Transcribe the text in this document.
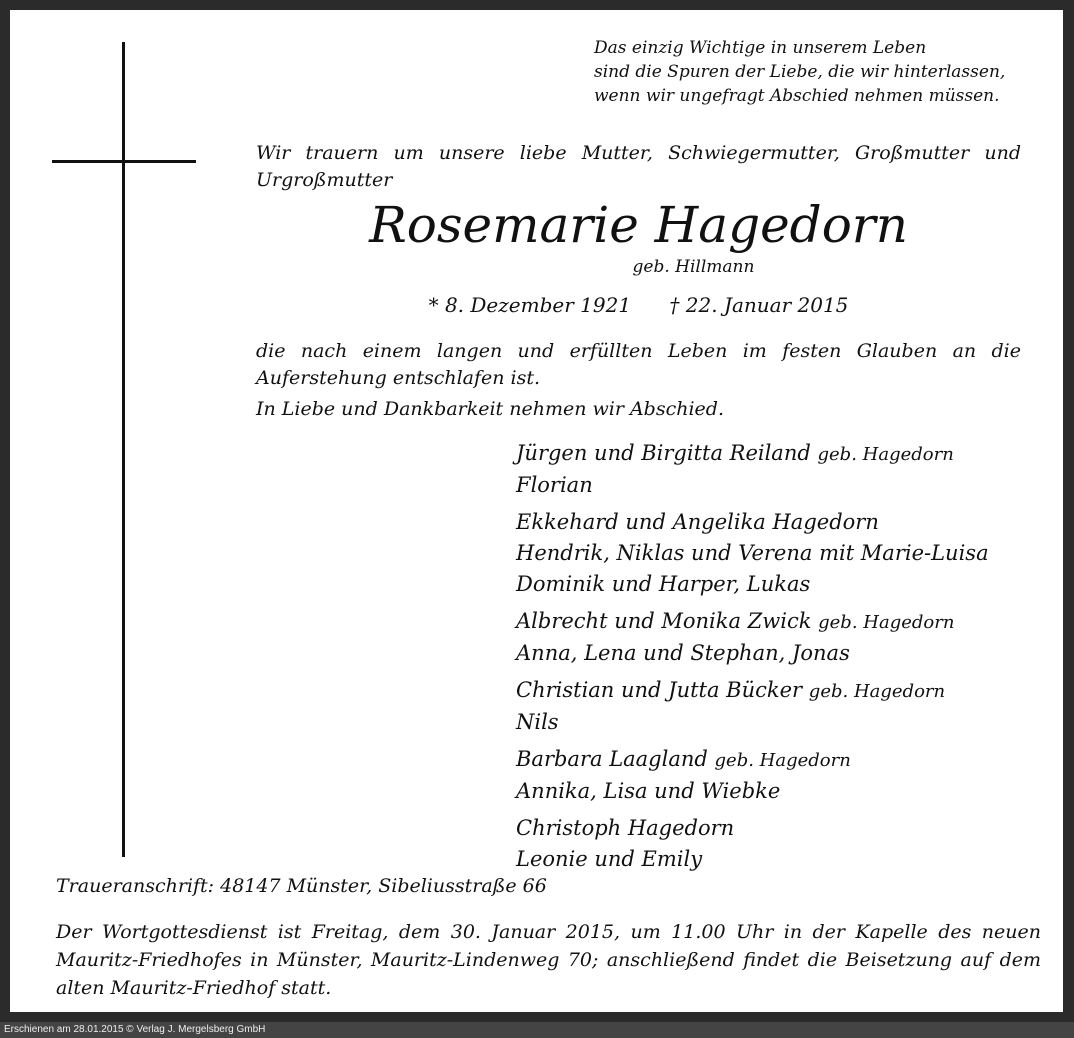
Das einzig Wichtige in unserem Leben
sind die Spuren der Liebe, die wir hinterlassen,
wenn wir ungefragt Abschied nehmen müssen.
Wir trauern um unsere liebe Mutter, Schwiegermutter, Großmutter und Urgroßmutter
Rosemarie Hagedorn
geb. Hillmann
* 8. Dezember 1921 † 22. Januar 2015
die nach einem langen und erfüllten Leben im festen Glauben an die Auferstehung entschlafen ist.
In Liebe und Dankbarkeit nehmen wir Abschied.
Jürgen und Birgitta Reiland geb. Hagedorn
Florian
Ekkehard und Angelika Hagedorn
Hendrik, Niklas und Verena mit Marie-Luisa
Dominik und Harper, Lukas
Albrecht und Monika Zwick geb. Hagedorn
Anna, Lena und Stephan, Jonas
Christian und Jutta Bücker geb. Hagedorn
Nils
Barbara Laagland geb. Hagedorn
Annika, Lisa und Wiebke
Christoph Hagedorn
Leonie und Emily
Traueranschrift: 48147 Münster, Sibeliusstraße 66
Der Wortgottesdienst ist Freitag, dem 30. Januar 2015, um 11.00 Uhr in der Kapelle des neuen Mauritz-Friedhofes in Münster, Mauritz-Lindenweg 70; anschließend findet die Beisetzung auf dem alten Mauritz-Friedhof statt.
Erschienen am 28.01.2015 © Verlag J. Mergelsberg GmbH
